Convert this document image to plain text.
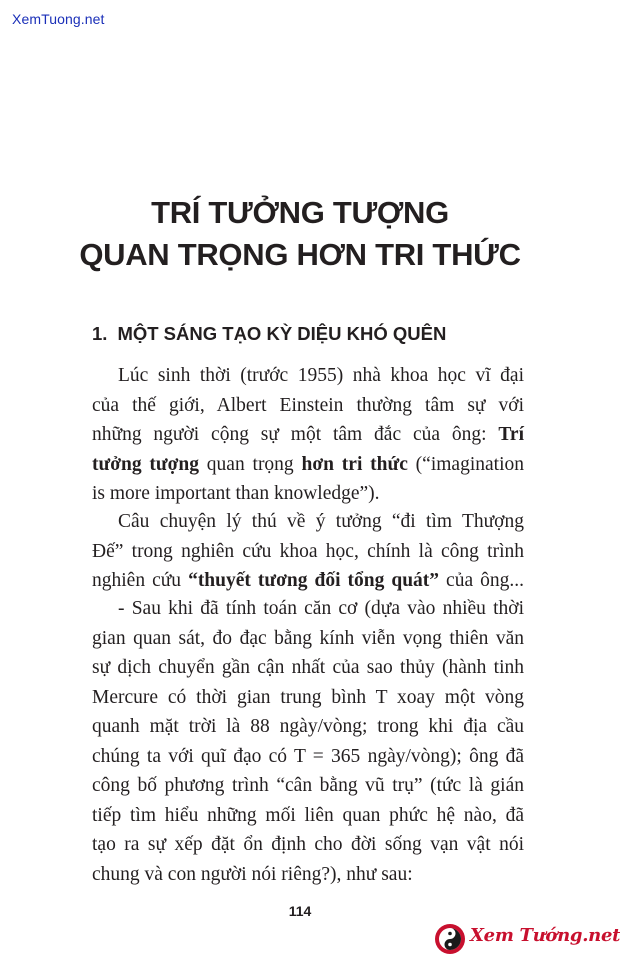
XemTuong.net
TRÍ TƯỞNG TƯỢNG
QUAN TRỌNG HƠN TRI THỨC
1. MỘT SÁNG TẠO KỲ DIỆU KHÓ QUÊN
Lúc sinh thời (trước 1955) nhà khoa học vĩ đại
của thế giới, Albert Einstein thường tâm sự với
những người cộng sự một tâm đắc của ông: Trí
tưởng tượng quan trọng hơn tri thức (“imagination
is more important than knowledge”).
Câu chuyện lý thú về ý tưởng “đi tìm Thượng
Đế” trong nghiên cứu khoa học, chính là công trình
nghiên cứu “thuyết tương đối tổng quát” của ông...
- Sau khi đã tính toán căn cơ (dựa vào nhiều thời
gian quan sát, đo đạc bằng kính viễn vọng thiên văn
sự dịch chuyển gần cận nhất của sao thủy (hành tinh
Mercure có thời gian trung bình T xoay một vòng
quanh mặt trời là 88 ngày/vòng; trong khi địa cầu
chúng ta với quĩ đạo có T = 365 ngày/vòng); ông đã
công bố phương trình “cân bằng vũ trụ” (tức là gián
tiếp tìm hiểu những mối liên quan phức hệ nào, đã
tạo ra sự xếp đặt ổn định cho đời sống vạn vật nói
chung và con người nói riêng?), như sau:
114
Xem Tướng.net
